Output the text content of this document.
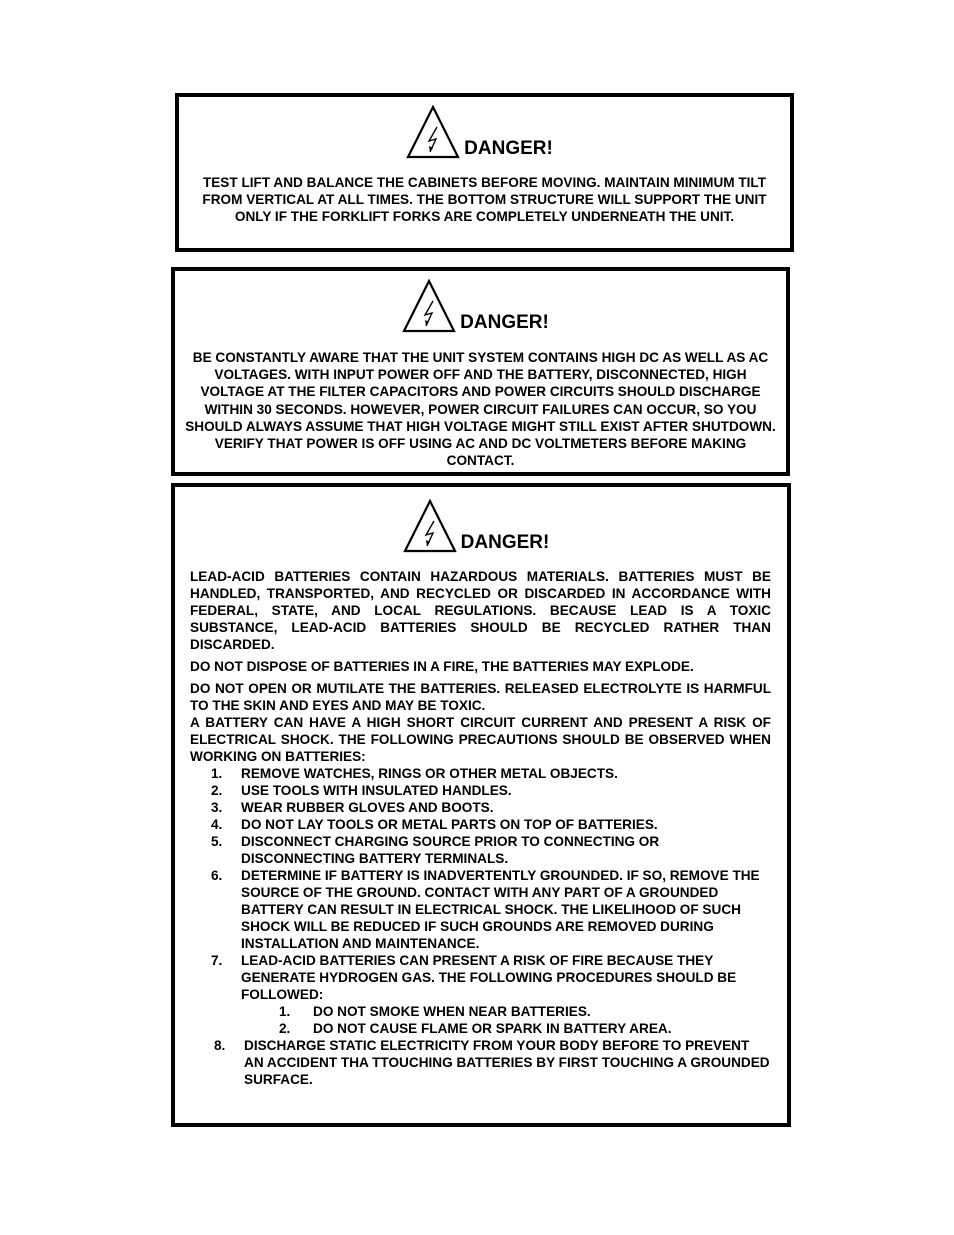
DANGER!
TEST LIFT AND BALANCE THE CABINETS BEFORE MOVING. MAINTAIN MINIMUM TILT FROM VERTICAL AT ALL TIMES. THE BOTTOM STRUCTURE WILL SUPPORT THE UNIT ONLY IF THE FORKLIFT FORKS ARE COMPLETELY UNDERNEATH THE UNIT.
DANGER!
BE CONSTANTLY AWARE THAT THE UNIT SYSTEM CONTAINS HIGH DC AS WELL AS AC VOLTAGES. WITH INPUT POWER OFF AND THE BATTERY, DISCONNECTED, HIGH VOLTAGE AT THE FILTER CAPACITORS AND POWER CIRCUITS SHOULD DISCHARGE WITHIN 30 SECONDS. HOWEVER, POWER CIRCUIT FAILURES CAN OCCUR, SO YOU SHOULD ALWAYS ASSUME THAT HIGH VOLTAGE MIGHT STILL EXIST AFTER SHUTDOWN. VERIFY THAT POWER IS OFF USING AC AND DC VOLTMETERS BEFORE MAKING CONTACT.
DANGER!

LEAD-ACID BATTERIES CONTAIN HAZARDOUS MATERIALS. BATTERIES MUST BE HANDLED, TRANSPORTED, AND RECYCLED OR DISCARDED IN ACCORDANCE WITH FEDERAL, STATE, AND LOCAL REGULATIONS. BECAUSE LEAD IS A TOXIC SUBSTANCE, LEAD-ACID BATTERIES SHOULD BE RECYCLED RATHER THAN DISCARDED.

DO NOT DISPOSE OF BATTERIES IN A FIRE, THE BATTERIES MAY EXPLODE.

DO NOT OPEN OR MUTILATE THE BATTERIES. RELEASED ELECTROLYTE IS HARMFUL TO THE SKIN AND EYES AND MAY BE TOXIC.

A BATTERY CAN HAVE A HIGH SHORT CIRCUIT CURRENT AND PRESENT A RISK OF ELECTRICAL SHOCK. THE FOLLOWING PRECAUTIONS SHOULD BE OBSERVED WHEN WORKING ON BATTERIES:

1. REMOVE WATCHES, RINGS OR OTHER METAL OBJECTS.
2. USE TOOLS WITH INSULATED HANDLES.
3. WEAR RUBBER GLOVES AND BOOTS.
4. DO NOT LAY TOOLS OR METAL PARTS ON TOP OF BATTERIES.
5. DISCONNECT CHARGING SOURCE PRIOR TO CONNECTING OR DISCONNECTING BATTERY TERMINALS.
6. DETERMINE IF BATTERY IS INADVERTENTLY GROUNDED. IF SO, REMOVE THE SOURCE OF THE GROUND. CONTACT WITH ANY PART OF A GROUNDED BATTERY CAN RESULT IN ELECTRICAL SHOCK. THE LIKELIHOOD OF SUCH SHOCK WILL BE REDUCED IF SUCH GROUNDS ARE REMOVED DURING INSTALLATION AND MAINTENANCE.
7. LEAD-ACID BATTERIES CAN PRESENT A RISK OF FIRE BECAUSE THEY GENERATE HYDROGEN GAS. THE FOLLOWING PROCEDURES SHOULD BE FOLLOWED:
1. DO NOT SMOKE WHEN NEAR BATTERIES.
2. DO NOT CAUSE FLAME OR SPARK IN BATTERY AREA.
8. DISCHARGE STATIC ELECTRICITY FROM YOUR BODY BEFORE TO PREVENT AN ACCIDENT THA TTOUCHING BATTERIES BY FIRST TOUCHING A GROUNDED SURFACE.
